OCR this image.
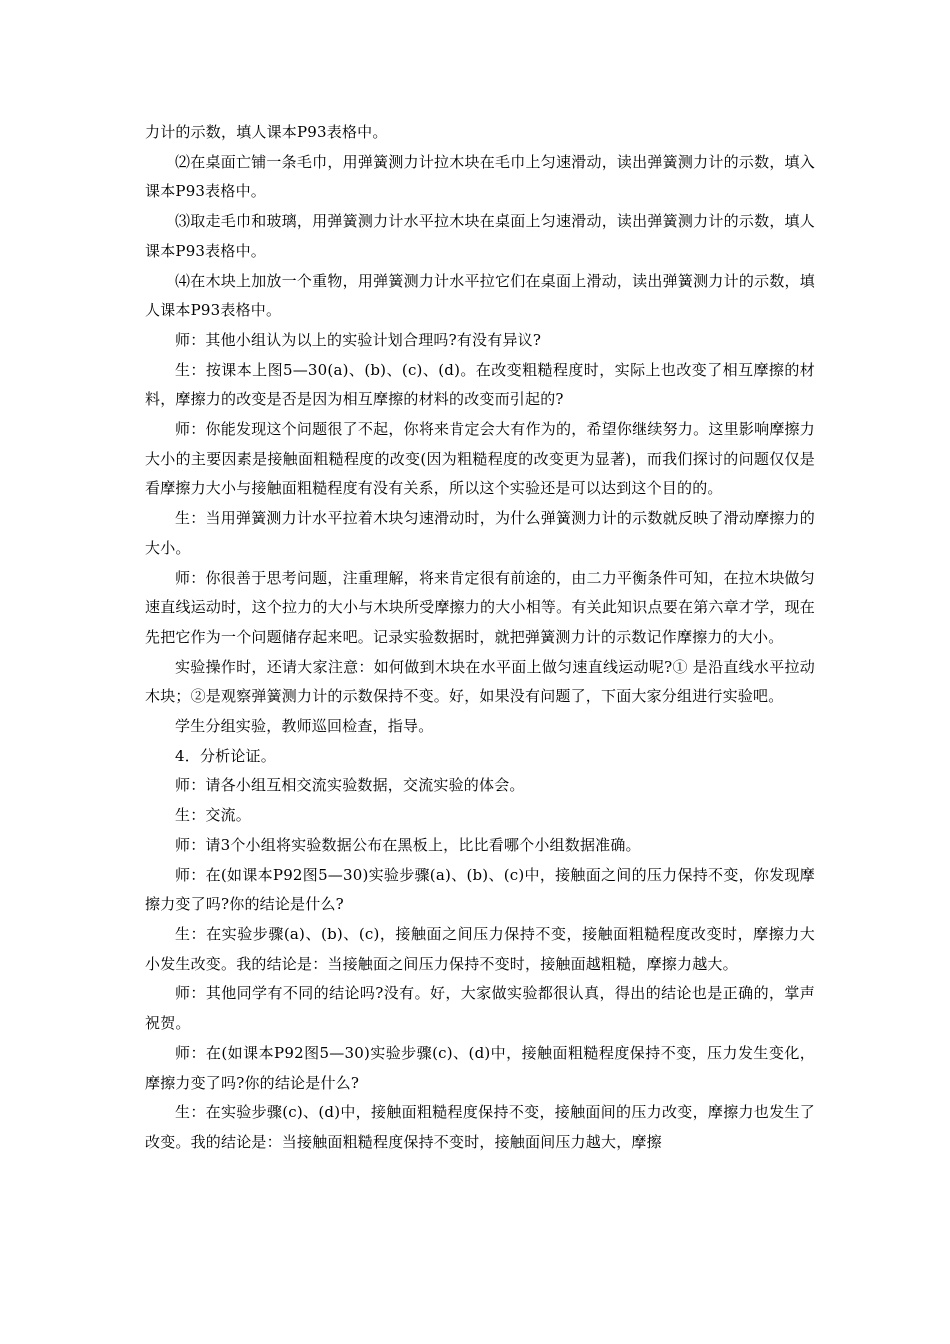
力计的示数，填人课本P93表格中。

⑵在桌面亡铺一条毛巾，用弹簧测力计拉木块在毛巾上匀速滑动，读出弹簧测力计的示数，填入课本P93表格中。

⑶取走毛巾和玻璃，用弹簧测力计水平拉木块在桌面上匀速滑动，读出弹簧测力计的示数，填人课本P93表格中。

⑷在木块上加放一个重物，用弹簧测力计水平拉它们在桌面上滑动，读出弹簧测力计的示数，填人课本P93表格中。

师：其他小组认为以上的实验计划合理吗?有没有异议?

生：按课本上图5—30(a)、(b)、(c)、(d)。在改变粗糙程度时，实际上也改变了相互摩擦的材料，摩擦力的改变是否是因为相互摩擦的材料的改变而引起的?

师：你能发现这个问题很了不起，你将来肯定会大有作为的，希望你继续努力。这里影响摩擦力大小的主要因素是接触面粗糙程度的改变(因为粗糙程度的改变更为显著)，而我们探讨的问题仅仅是看摩擦力大小与接触面粗糙程度有没有关系，所以这个实验还是可以达到这个目的的。

生：当用弹簧测力计水平拉着木块匀速滑动时，为什么弹簧测力计的示数就反映了滑动摩擦力的大小。

师：你很善于思考问题，注重理解，将来肯定很有前途的，由二力平衡条件可知，在拉木块做匀速直线运动时，这个拉力的大小与木块所受摩擦力的大小相等。有关此知识点要在第六章才学，现在先把它作为一个问题储存起来吧。记录实验数据时，就把弹簧测力计的示数记作摩擦力的大小。

实验操作时，还请大家注意：如何做到木块在水平面上做匀速直线运动呢?① 是沿直线水平拉动木块；②是观察弹簧测力计的示数保持不变。好，如果没有问题了，下面大家分组进行实验吧。

学生分组实验，教师巡回检查，指导。

4．分析论证。

师：请各小组互相交流实验数据，交流实验的体会。

生：交流。

师：请3个小组将实验数据公布在黑板上，比比看哪个小组数据准确。

师：在(如课本P92图5—30)实验步骤(a)、(b)、(c)中，接触面之间的压力保持不变，你发现摩擦力变了吗?你的结论是什么?

生：在实验步骤(a)、(b)、(c)，接触面之间压力保持不变，接触面粗糙程度改变时，摩擦力大小发生改变。我的结论是：当接触面之间压力保持不变时，接触面越粗糙，摩擦力越大。

师：其他同学有不同的结论吗?没有。好，大家做实验都很认真，得出的结论也是正确的，掌声祝贺。

师：在(如课本P92图5—30)实验步骤(c)、(d)中，接触面粗糙程度保持不变，压力发生变化，摩擦力变了吗?你的结论是什么?

生：在实验步骤(c)、(d)中，接触面粗糙程度保持不变，接触面间的压力改变，摩擦力也发生了改变。我的结论是：当接触面粗糙程度保持不变时，接触面间压力越大，摩擦
